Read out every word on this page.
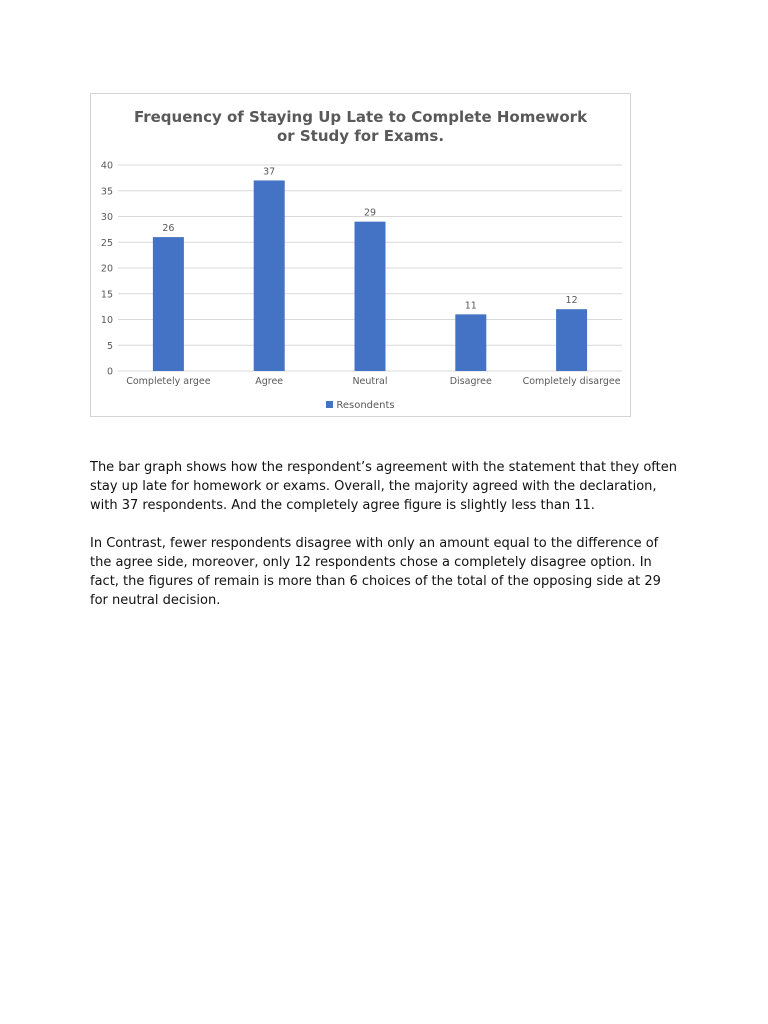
Frequency of Staying Up Late to Complete Homework or Study for Exams.
0
5
10
15
20
25
30
35
40
26
Completely argee
37
Agree
29
Neutral
11
Disagree
12
Completely disargee
Resondents

The bar graph shows how the respondent’s agreement with the statement that they often stay up late for homework or exams. Overall, the majority agreed with the declaration, with 37 respondents. And the completely agree figure is slightly less than 11.

In Contrast, fewer respondents disagree with only an amount equal to the difference of the agree side, moreover, only 12 respondents chose a completely disagree option. In fact, the figures of remain is more than 6 choices of the total of the opposing side at 29 for neutral decision.
